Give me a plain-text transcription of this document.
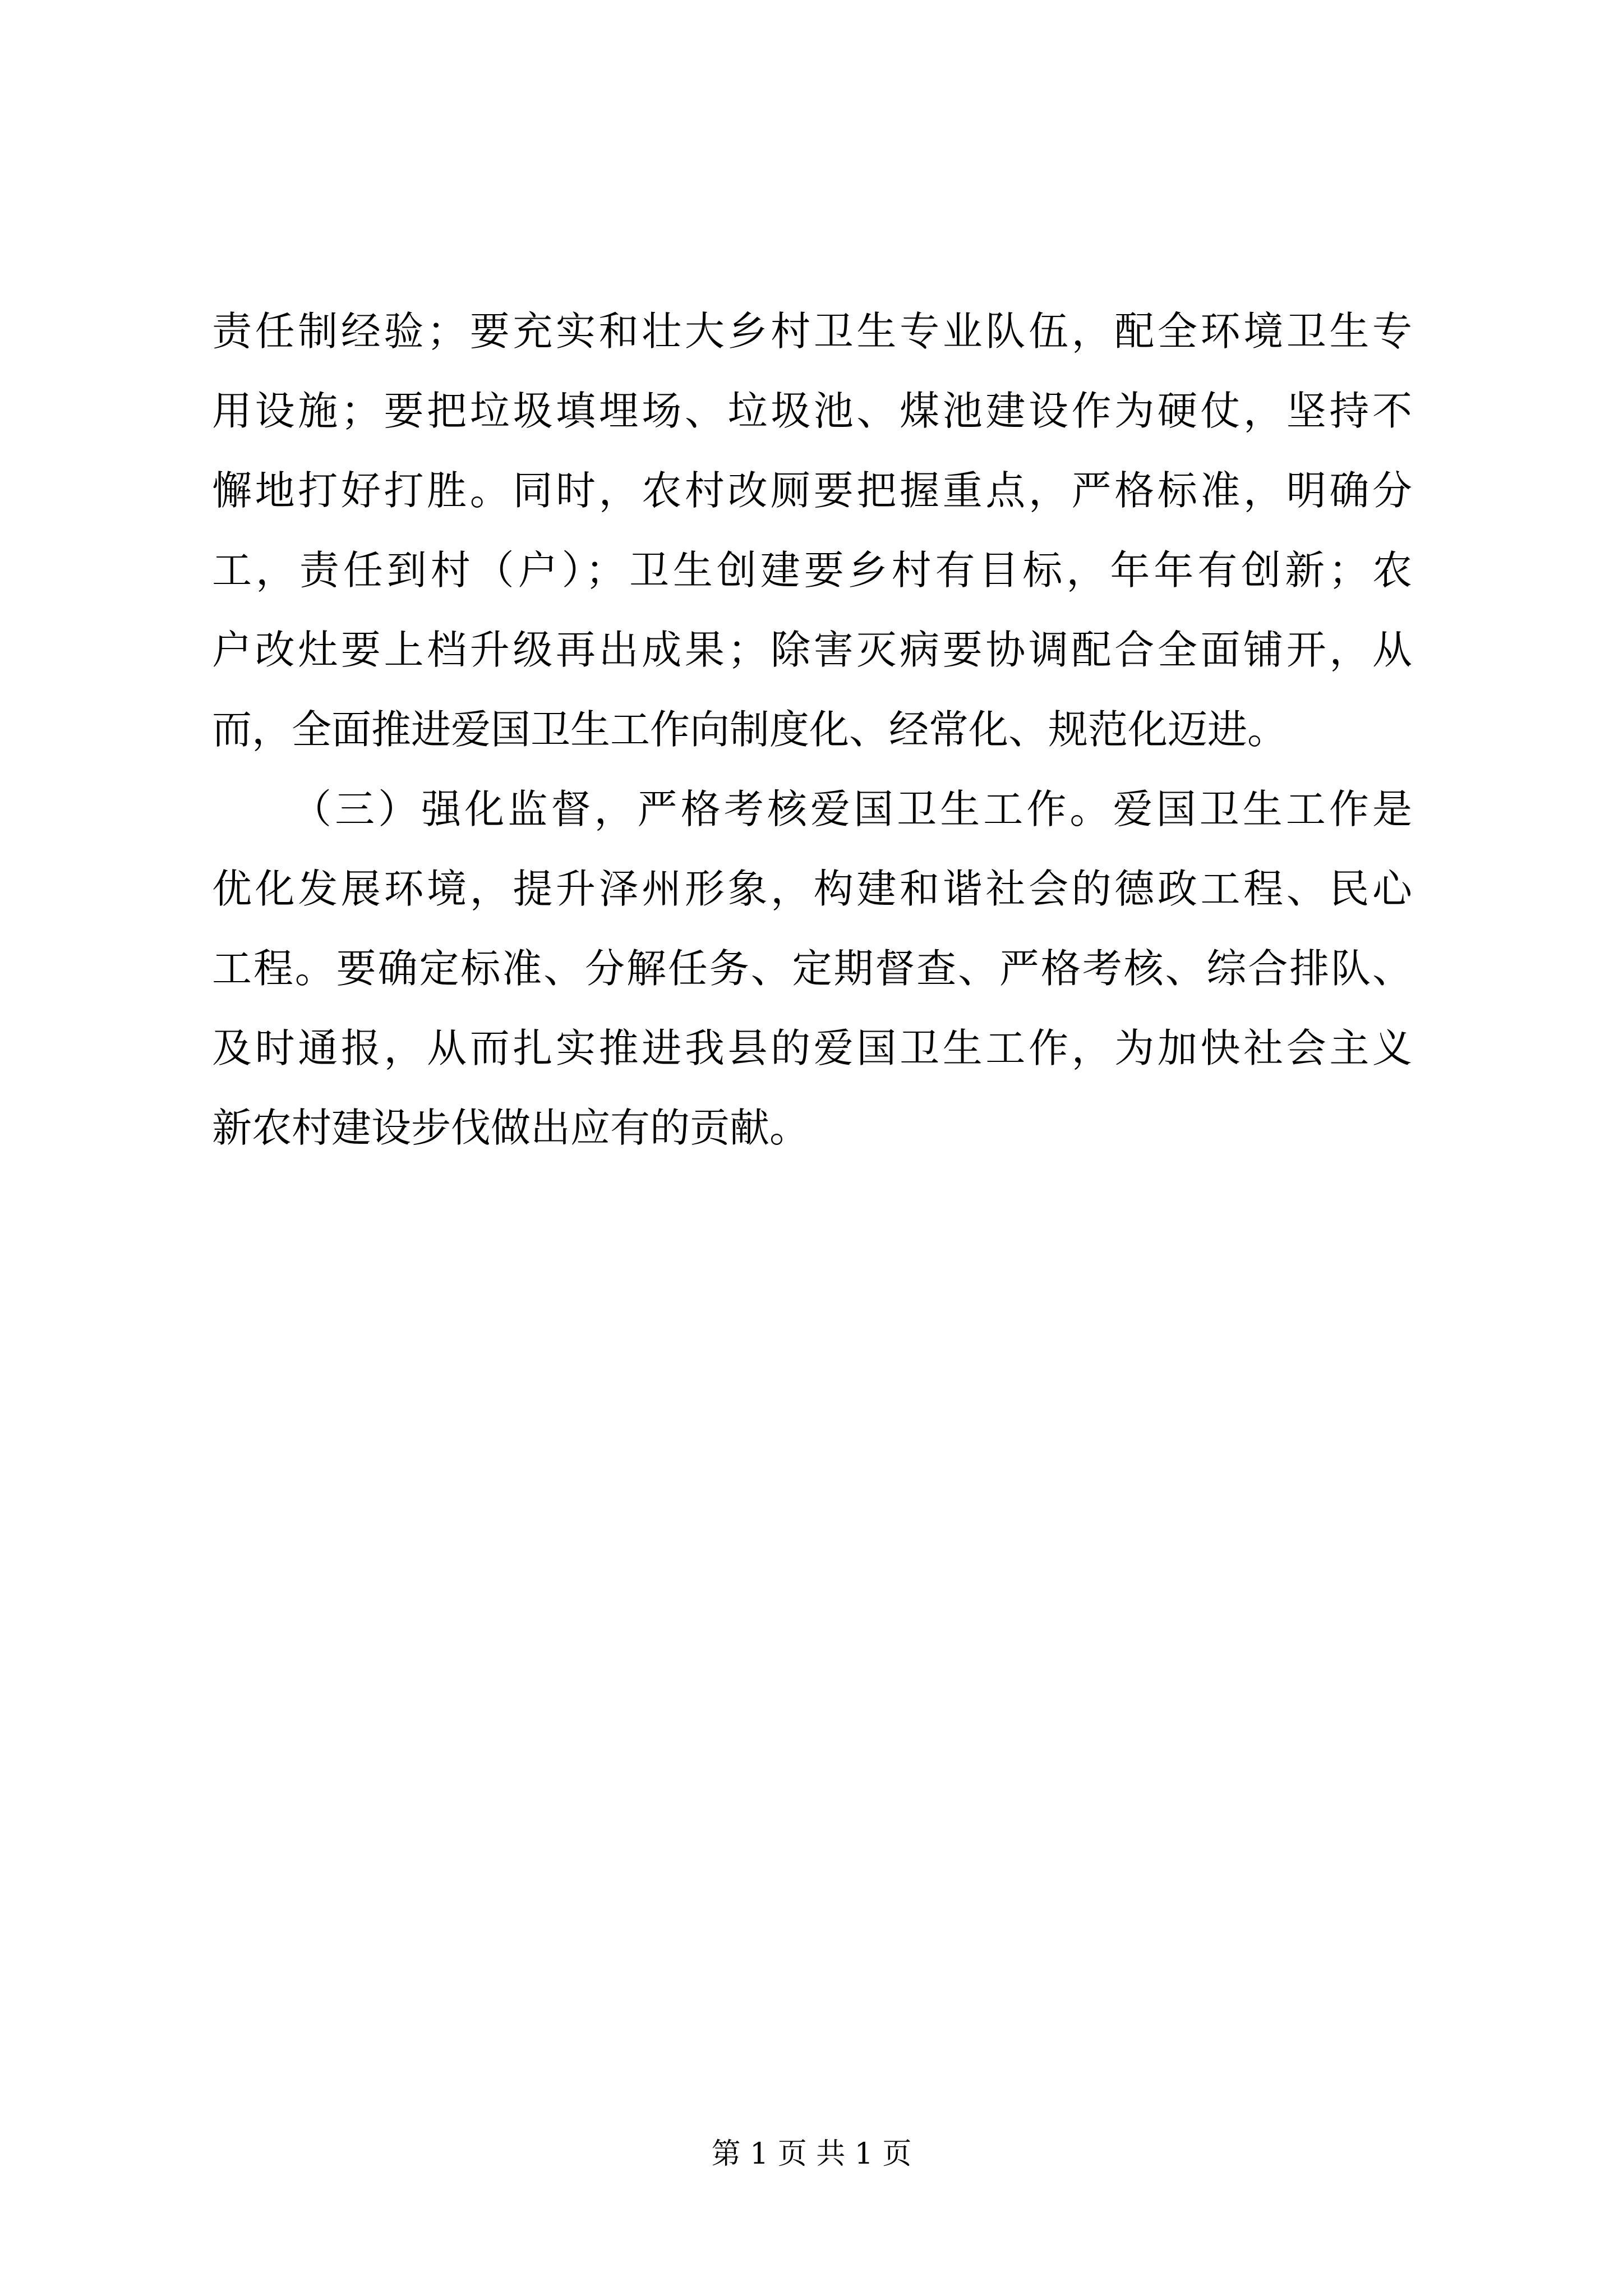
责任制经验；要充实和壮大乡村卫生专业队伍，配全环境卫生专
用设施；要把垃圾填埋场、垃圾池、煤池建设作为硬仗，坚持不
懈地打好打胜。同时，农村改厕要把握重点，严格标准，明确分
工，责任到村（户）；卫生创建要乡村有目标，年年有创新；农
户改灶要上档升级再出成果；除害灭病要协调配合全面铺开，从
而，全面推进爱国卫生工作向制度化、经常化、规范化迈进。
（三）强化监督，严格考核爱国卫生工作。爱国卫生工作是
优化发展环境，提升泽州形象，构建和谐社会的德政工程、民心
工程。要确定标准、分解任务、定期督查、严格考核、综合排队、
及时通报，从而扎实推进我县的爱国卫生工作，为加快社会主义
新农村建设步伐做出应有的贡献。
第 1 页 共 1 页
